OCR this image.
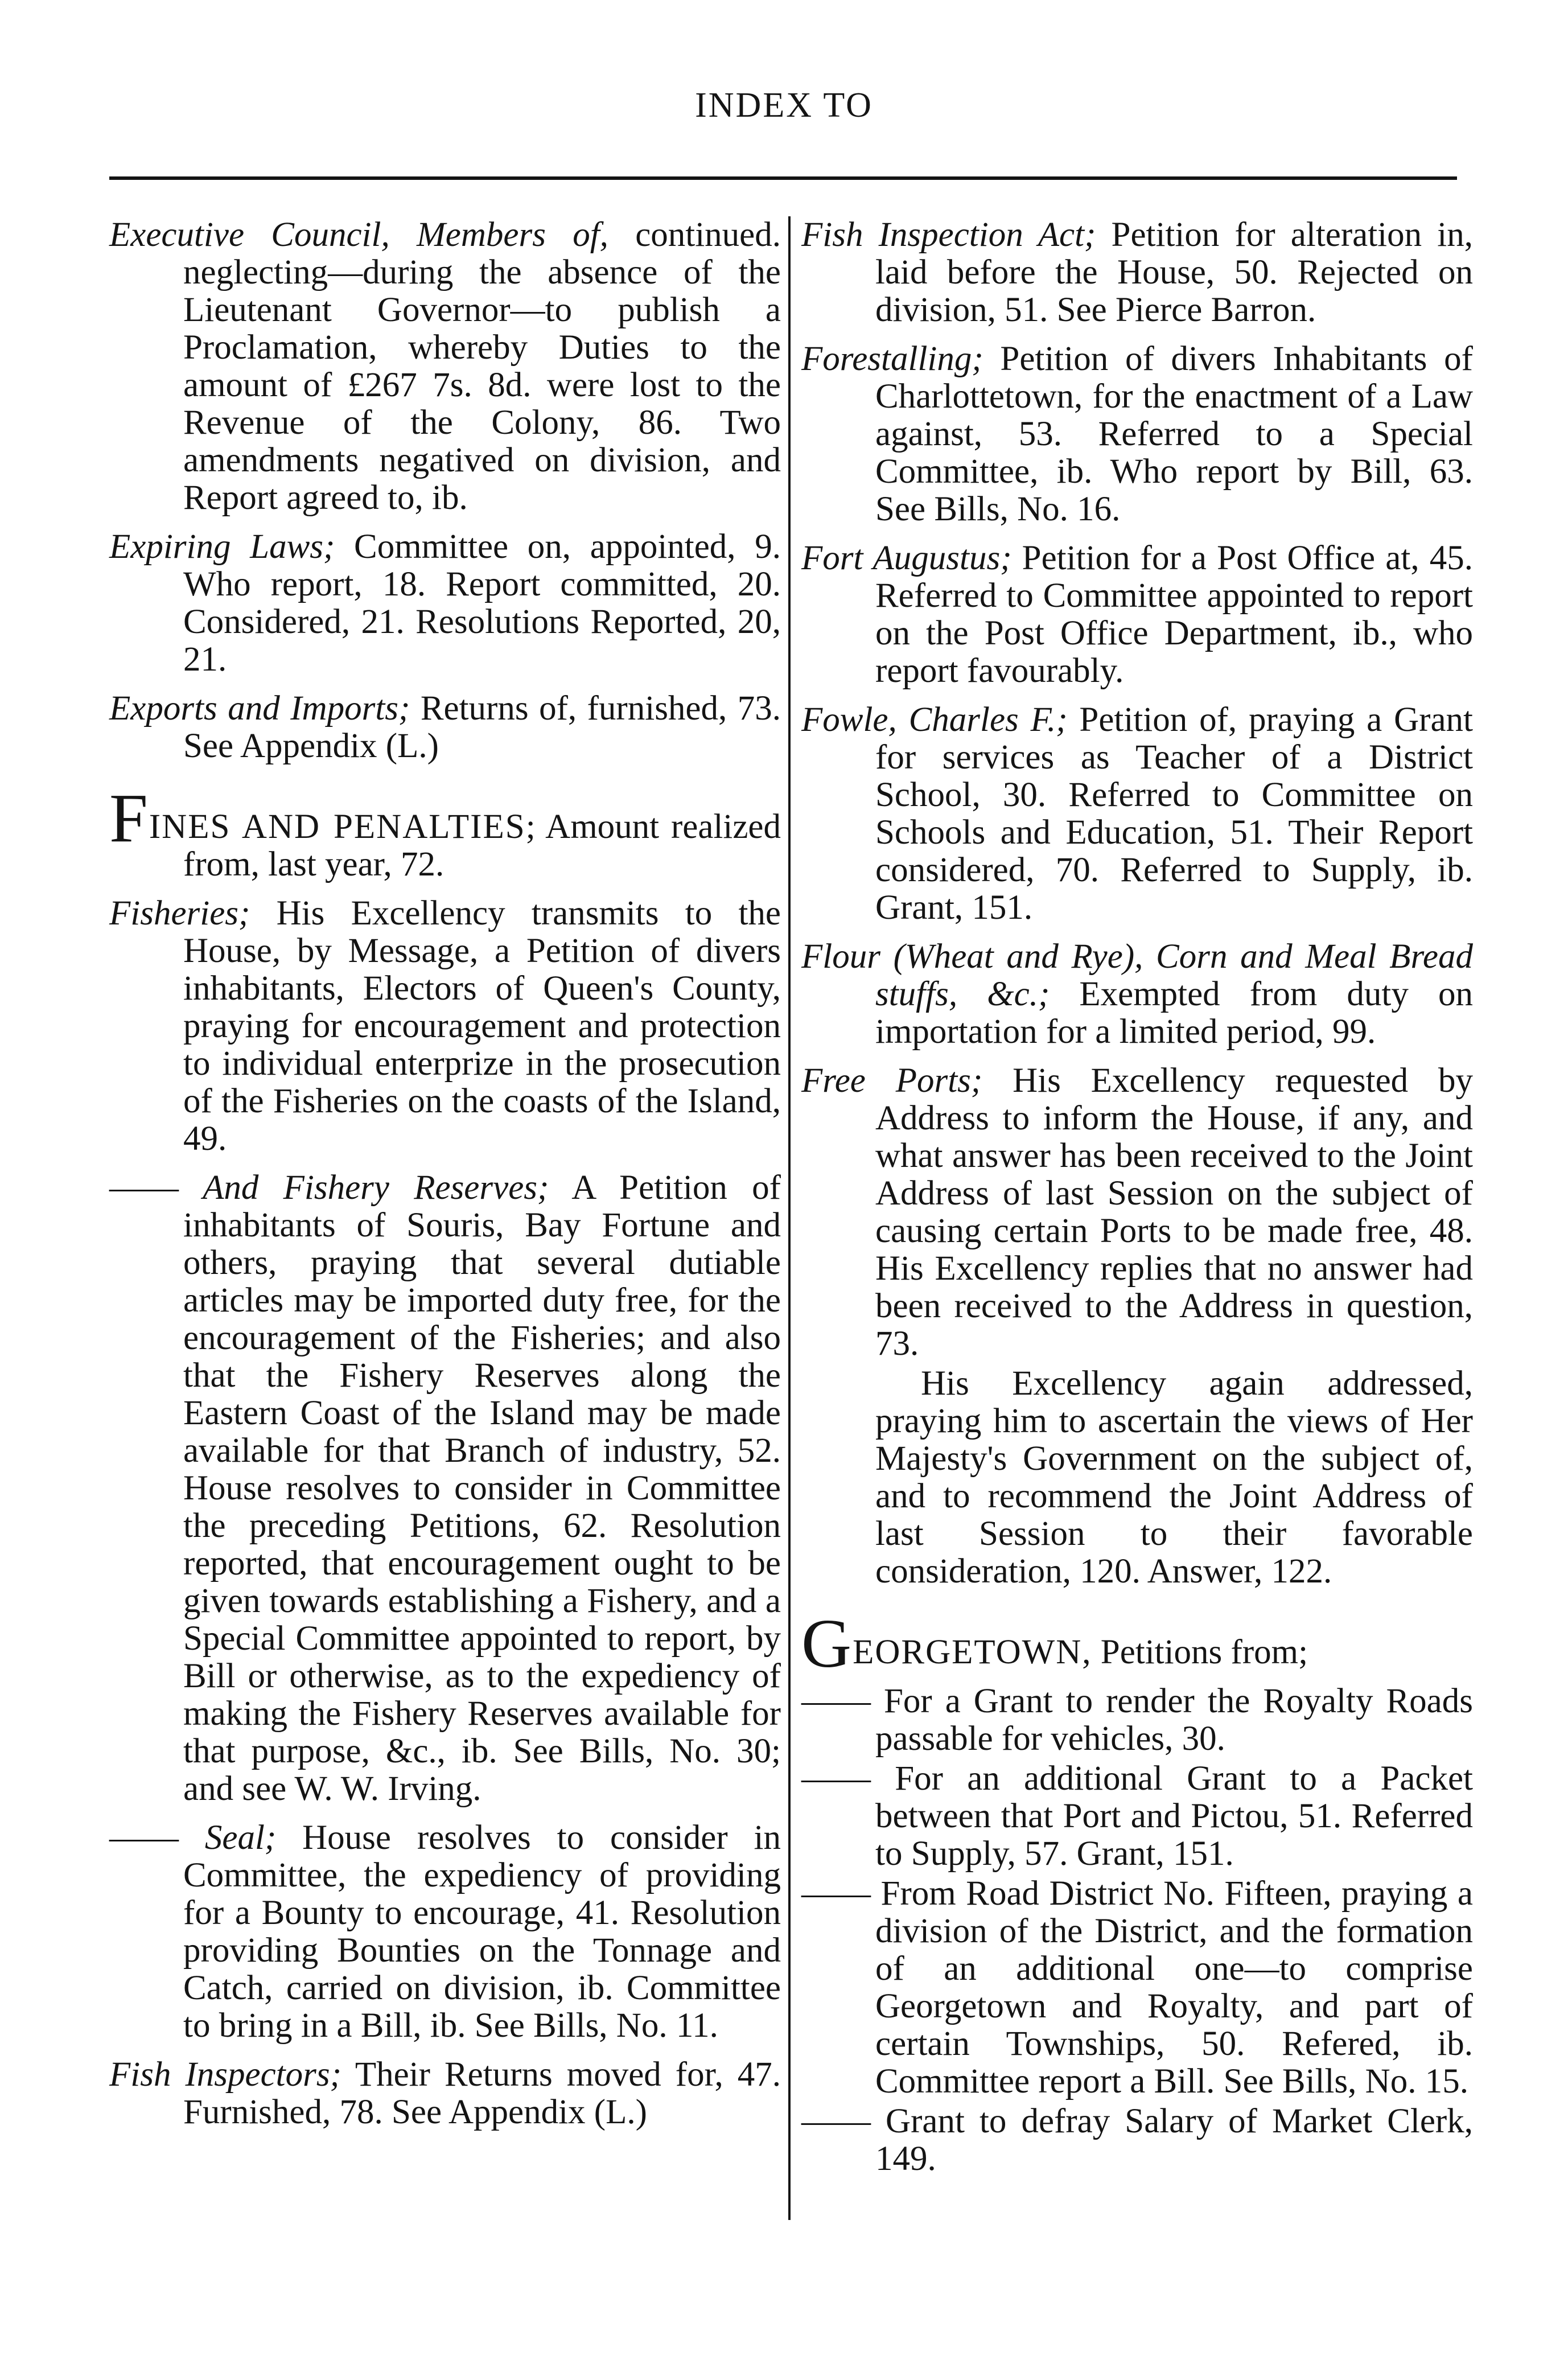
INDEX TO

Executive Council, Members of, continued. neglecting—during the absence of the Lieutenant Governor—to publish a Proclamation, whereby Duties to the amount of £267 7s. 8d. were lost to the Revenue of the Colony, 86. Two amendments negatived on division, and Report agreed to, ib.

Expiring Laws; Committee on, appointed, 9. Who report, 18. Report committed, 20. Considered, 21. Resolutions Reported, 20, 21.

Exports and Imports; Returns of, furnished, 73. See Appendix (L.)

FINES AND PENALTIES; Amount realized from, last year, 72.

Fisheries; His Excellency transmits to the House, by Message, a Petition of divers inhabitants, Electors of Queen's County, praying for encouragement and protection to individual enterprize in the prosecution of the Fisheries on the coasts of the Island, 49.

—— And Fishery Reserves; A Petition of inhabitants of Souris, Bay Fortune and others, praying that several dutiable articles may be imported duty free, for the encouragement of the Fisheries; and also that the Fishery Reserves along the Eastern Coast of the Island may be made available for that Branch of industry, 52. House resolves to consider in Committee the preceding Petitions, 62. Resolution reported, that encouragement ought to be given towards establishing a Fishery, and a Special Committee appointed to report, by Bill or otherwise, as to the expediency of making the Fishery Reserves available for that purpose, &c., ib. See Bills, No. 30; and see W. W. Irving.

—— Seal; House resolves to consider in Committee, the expediency of providing for a Bounty to encourage, 41. Resolution providing Bounties on the Tonnage and Catch, carried on division, ib. Committee to bring in a Bill, ib. See Bills, No. 11.

Fish Inspectors; Their Returns moved for, 47. Furnished, 78. See Appendix (L.)

Fish Inspection Act; Petition for alteration in, laid before the House, 50. Rejected on division, 51. See Pierce Barron.

Forestalling; Petition of divers Inhabitants of Charlottetown, for the enactment of a Law against, 53. Referred to a Special Committee, ib. Who report by Bill, 63. See Bills, No. 16.

Fort Augustus; Petition for a Post Office at, 45. Referred to Committee appointed to report on the Post Office Department, ib., who report favourably.

Fowle, Charles F.; Petition of, praying a Grant for services as Teacher of a District School, 30. Referred to Committee on Schools and Education, 51. Their Report considered, 70. Referred to Supply, ib. Grant, 151.

Flour (Wheat and Rye), Corn and Meal Bread stuffs, &c.; Exempted from duty on importation for a limited period, 99.

Free Ports; His Excellency requested by Address to inform the House, if any, and what answer has been received to the Joint Address of last Session on the subject of causing certain Ports to be made free, 48. His Excellency replies that no answer had been received to the Address in question, 73.

His Excellency again addressed, praying him to ascertain the views of Her Majesty's Government on the subject of, and to recommend the Joint Address of last Session to their favorable consideration, 120. Answer, 122.

GEORGETOWN, Petitions from;

—— For a Grant to render the Royalty Roads passable for vehicles, 30.

—— For an additional Grant to a Packet between that Port and Pictou, 51. Referred to Supply, 57. Grant, 151.

—— From Road District No. Fifteen, praying a division of the District, and the formation of an additional one—to comprise Georgetown and Royalty, and part of certain Townships, 50. Refered, ib. Committee report a Bill. See Bills, No. 15.

—— Grant to defray Salary of Market Clerk, 149.
